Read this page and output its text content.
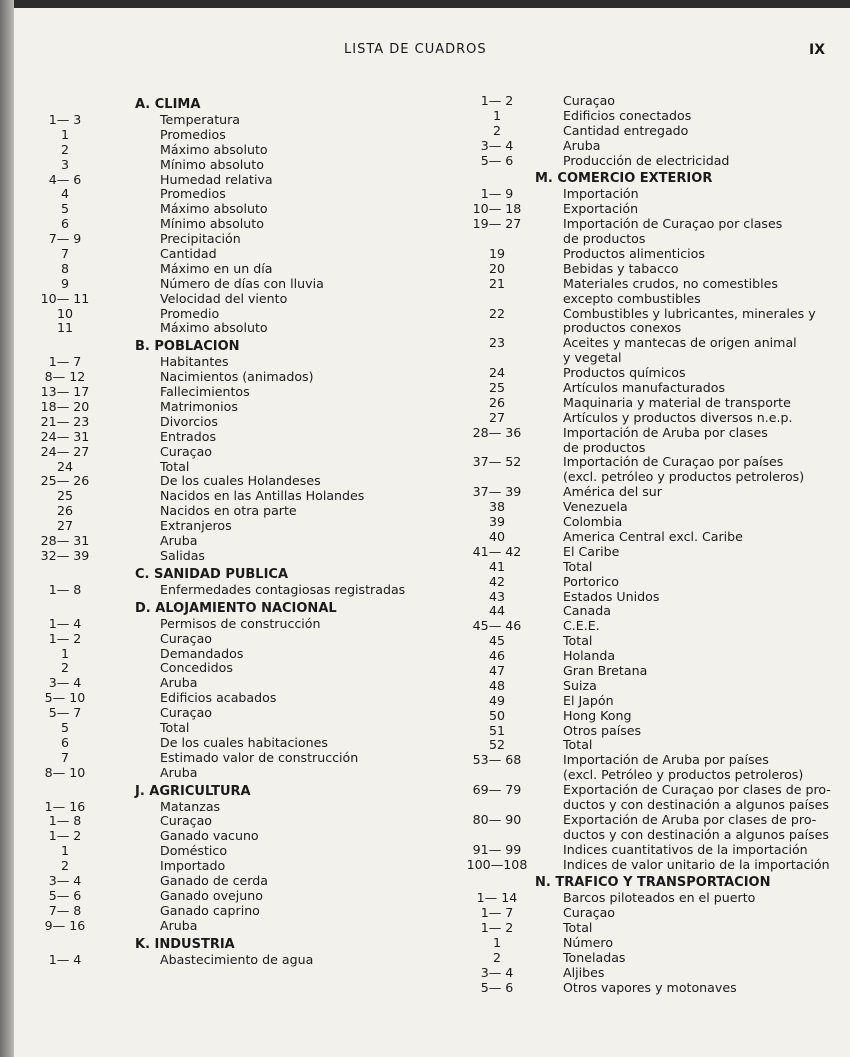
LISTA DE CUADROS	IX
A. CLIMA
1— 3	Temperatura
1	Promedios
2	Máximo absoluto
3	Mínimo absoluto
4— 6	Humedad relativa
4	Promedios
5	Máximo absoluto
6	Mínimo absoluto
7— 9	Precipitación
7	Cantidad
8	Máximo en un día
9	Número de días con lluvia
10— 11	Velocidad del viento
10	Promedio
11	Máximo absoluto
B. POBLACION
1— 7	Habitantes
8— 12	Nacimientos (animados)
13— 17	Fallecimientos
18— 20	Matrimonios
21— 23	Divorcios
24— 31	Entrados
24— 27	Curaçao
24	Total
25— 26	De los cuales Holandeses
25	Nacidos en las Antillas Holandes
26	Nacidos en otra parte
27	Extranjeros
28— 31	Aruba
32— 39	Salidas
C. SANIDAD PUBLICA
1— 8	Enfermedades contagiosas registradas
D. ALOJAMIENTO NACIONAL
1— 4	Permisos de construcción
1— 2	Curaçao
1	Demandados
2	Concedidos
3— 4	Aruba
5— 10	Edificios acabados
5— 7	Curaçao
5	Total
6	De los cuales habitaciones
7	Estimado valor de construcción
8— 10	Aruba
J. AGRICULTURA
1— 16	Matanzas
1— 8	Curaçao
1— 2	Ganado vacuno
1	Doméstico
2	Importado
3— 4	Ganado de cerda
5— 6	Ganado ovejuno
7— 8	Ganado caprino
9— 16	Aruba
K. INDUSTRIA
1— 4	Abastecimiento de agua
1— 2	Curaçao
1	Edificios conectados
2	Cantidad entregado
3— 4	Aruba
5— 6	Producción de electricidad
M. COMERCIO EXTERIOR
1— 9	Importación
10— 18	Exportación
19— 27	Importación de Curaçao por clases
de productos
19	Productos alimenticios
20	Bebidas y tabacco
21	Materiales crudos, no comestibles
excepto combustibles
22	Combustibles y lubricantes, minerales y
productos conexos
23	Aceites y mantecas de origen animal
y vegetal
24	Productos químicos
25	Artículos manufacturados
26	Maquinaria y material de transporte
27	Artículos y productos diversos n.e.p.
28— 36	Importación de Aruba por clases
de productos
37— 52	Importación de Curaçao por países
(excl. petróleo y productos petroleros)
37— 39	América del sur
38	Venezuela
39	Colombia
40	America Central excl. Caribe
41— 42	El Caribe
41	Total
42	Portorico
43	Estados Unidos
44	Canada
45— 46	C.E.E.
45	Total
46	Holanda
47	Gran Bretana
48	Suiza
49	El Japón
50	Hong Kong
51	Otros países
52	Total
53— 68	Importación de Aruba por países
(excl. Petróleo y productos petroleros)
69— 79	Exportación de Curaçao por clases de pro-
ductos y con destinación a algunos países
80— 90	Exportación de Aruba por clases de pro-
ductos y con destinación a algunos países
91— 99	Indices cuantitativos de la importación
100—108	Indices de valor unitario de la importación
N. TRAFICO Y TRANSPORTACION
1— 14	Barcos piloteados en el puerto
1— 7	Curaçao
1— 2	Total
1	Número
2	Toneladas
3— 4	Aljibes
5— 6	Otros vapores y motonaves
